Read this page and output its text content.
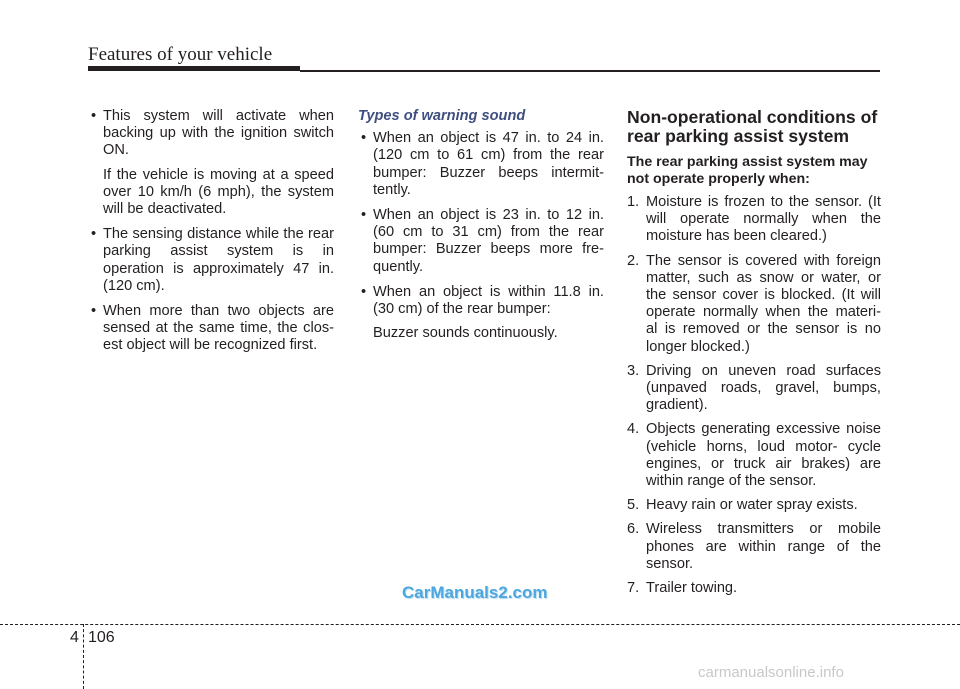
Features of your vehicle
• This system will activate when backing up with the ignition switch ON.
If the vehicle is moving at a speed over 10 km/h (6 mph), the system will be deactivated.
• The sensing distance while the rear parking assist system is in operation is approximately 47 in. (120 cm).
• When more than two objects are sensed at the same time, the clos- est object will be recognized first.
Types of warning sound
• When an object is 47 in. to 24 in. (120 cm to 61 cm) from the rear bumper: Buzzer beeps intermit- tently.
• When an object is 23 in. to 12 in. (60 cm to 31 cm) from the rear bumper: Buzzer beeps more fre- quently.
• When an object is within 11.8 in. (30 cm) of the rear bumper:
Buzzer sounds continuously.
Non-operational conditions of rear parking assist system
The rear parking assist system may not operate properly when:
1. Moisture is frozen to the sensor. (It will operate normally when the moisture has been cleared.)
2. The sensor is covered with foreign matter, such as snow or water, or the sensor cover is blocked. (It will operate normally when the materi- al is removed or the sensor is no longer blocked.)
3. Driving on uneven road surfaces (unpaved roads, gravel, bumps, gradient).
4. Objects generating excessive noise (vehicle horns, loud motor- cycle engines, or truck air brakes) are within range of the sensor.
5. Heavy rain or water spray exists.
6. Wireless transmitters or mobile phones are within range of the sensor.
7. Trailer towing.
CarManuals2.com
4 106
carmanualsonline.info
